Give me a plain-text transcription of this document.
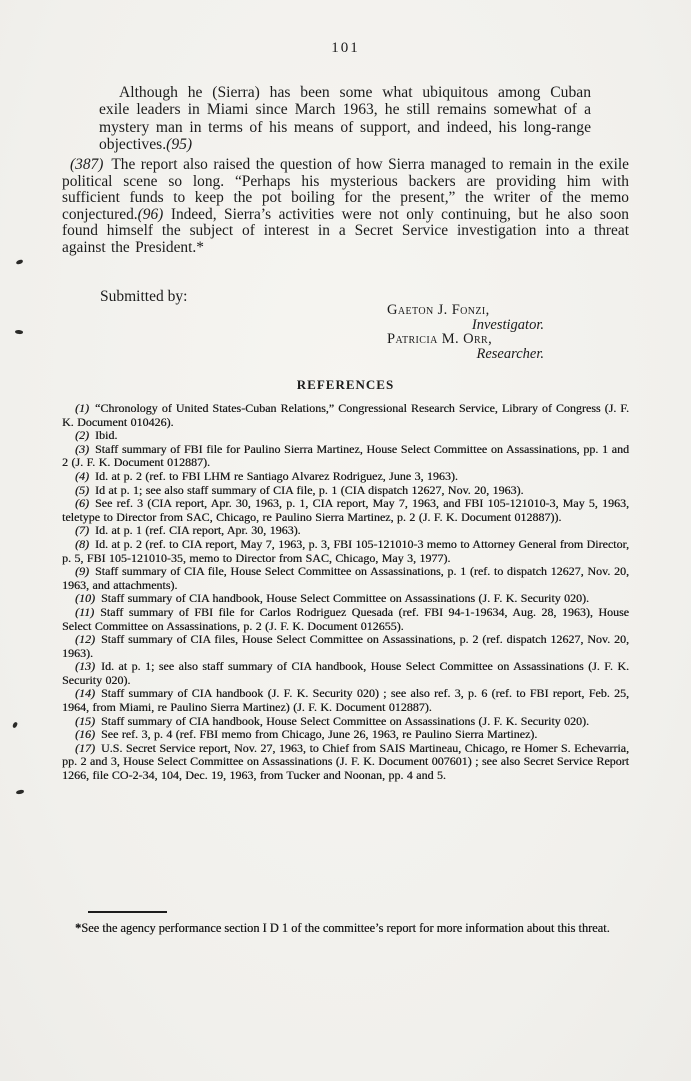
101
Although he (Sierra) has been some what ubiquitous among Cuban exile leaders in Miami since March 1963, he still remains somewhat of a mystery man in terms of his means of support, and indeed, his long-range objectives.(95)
(387) The report also raised the question of how Sierra managed to remain in the exile political scene so long. “Perhaps his mysterious backers are providing him with sufficient funds to keep the pot boiling for the present,” the writer of the memo conjectured.(96) Indeed, Sierra’s activities were not only continuing, but he also soon found himself the subject of interest in a Secret Service investigation into a threat against the President.*
Submitted by:
Gaeton J. Fonzi,
Investigator.
Patricia M. Orr,
Researcher.
REFERENCES

(1) “Chronology of United States-Cuban Relations,” Congressional Research Service, Library of Congress (J. F. K. Document 010426).

(2) Ibid.

(3) Staff summary of FBI file for Paulino Sierra Martinez, House Select Committee on Assassinations, pp. 1 and 2 (J. F. K. Document 012887).

(4) Id. at p. 2 (ref. to FBI LHM re Santiago Alvarez Rodriguez, June 3, 1963).

(5) Id at p. 1; see also staff summary of CIA file, p. 1 (CIA dispatch 12627, Nov. 20, 1963).

(6) See ref. 3 (CIA report, Apr. 30, 1963, p. 1, CIA report, May 7, 1963, and FBI 105-121010-3, May 5, 1963, teletype to Director from SAC, Chicago, re Paulino Sierra Martinez, p. 2 (J. F. K. Document 012887)).

(7) Id. at p. 1 (ref. CIA report, Apr. 30, 1963).

(8) Id. at p. 2 (ref. to CIA report, May 7, 1963, p. 3, FBI 105-121010-3 memo to Attorney General from Director, p. 5, FBI 105-121010-35, memo to Director from SAC, Chicago, May 3, 1977).

(9) Staff summary of CIA file, House Select Committee on Assassinations, p. 1 (ref. to dispatch 12627, Nov. 20, 1963, and attachments).

(10) Staff summary of CIA handbook, House Select Committee on Assassinations (J. F. K. Security 020).

(11) Staff summary of FBI file for Carlos Rodriguez Quesada (ref. FBI 94-1-19634, Aug. 28, 1963), House Select Committee on Assassinations, p. 2 (J. F. K. Document 012655).

(12) Staff summary of CIA files, House Select Committee on Assassinations, p. 2 (ref. dispatch 12627, Nov. 20, 1963).

(13) Id. at p. 1; see also staff summary of CIA handbook, House Select Committee on Assassinations (J. F. K. Security 020).

(14) Staff summary of CIA handbook (J. F. K. Security 020) ; see also ref. 3, p. 6 (ref. to FBI report, Feb. 25, 1964, from Miami, re Paulino Sierra Martinez) (J. F. K. Document 012887).

(15) Staff summary of CIA handbook, House Select Committee on Assassinations (J. F. K. Security 020).

(16) See ref. 3, p. 4 (ref. FBI memo from Chicago, June 26, 1963, re Paulino Sierra Martinez).

(17) U.S. Secret Service report, Nov. 27, 1963, to Chief from SAIS Martineau, Chicago, re Homer S. Echevarria, pp. 2 and 3, House Select Committee on Assassinations (J. F. K. Document 007601) ; see also Secret Service Report 1266, file CO-2-34, 104, Dec. 19, 1963, from Tucker and Noonan, pp. 4 and 5.

*See the agency performance section I D 1 of the committee’s report for more information about this threat.
